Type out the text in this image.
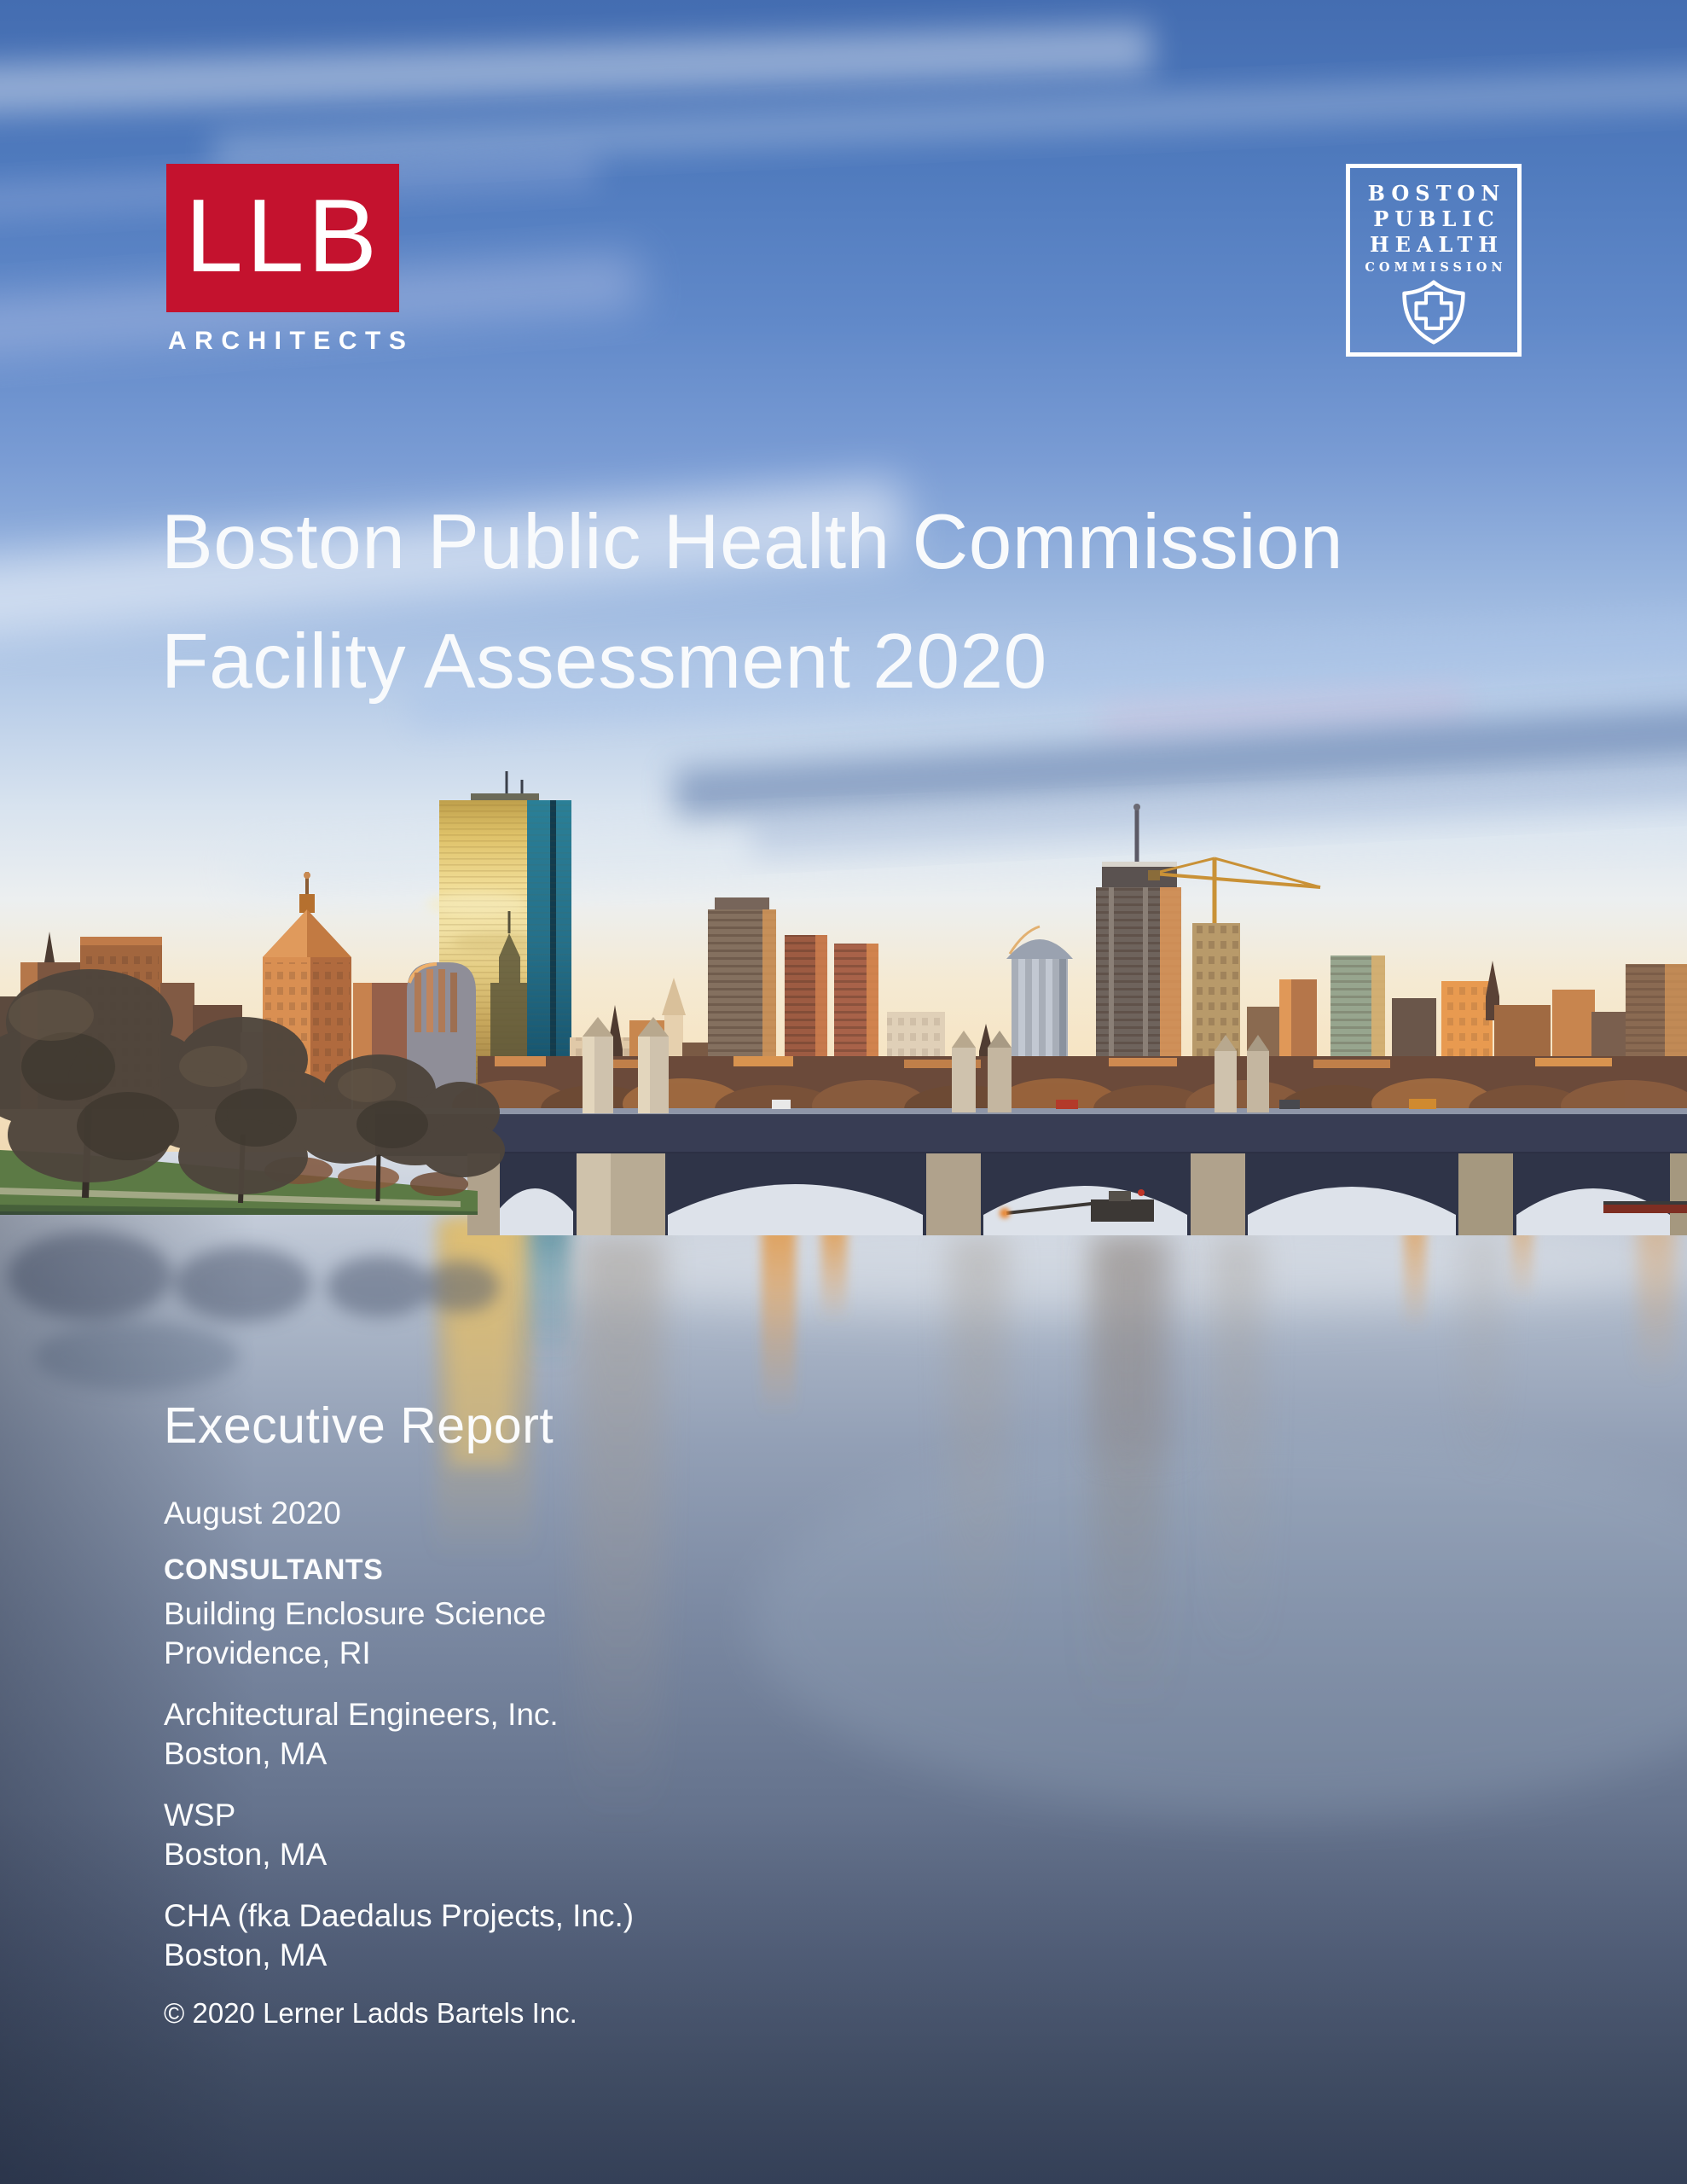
LLB
ARCHITECTS
BOSTON
PUBLIC
HEALTH
COMMISSION
Boston Public Health Commission
Facility Assessment 2020
Executive Report
August 2020
CONSULTANTS
Building Enclosure Science
Providence, RI
Architectural Engineers, Inc.
Boston, MA
WSP
Boston, MA
CHA (fka Daedalus Projects, Inc.)
Boston, MA
© 2020 Lerner Ladds Bartels Inc.
